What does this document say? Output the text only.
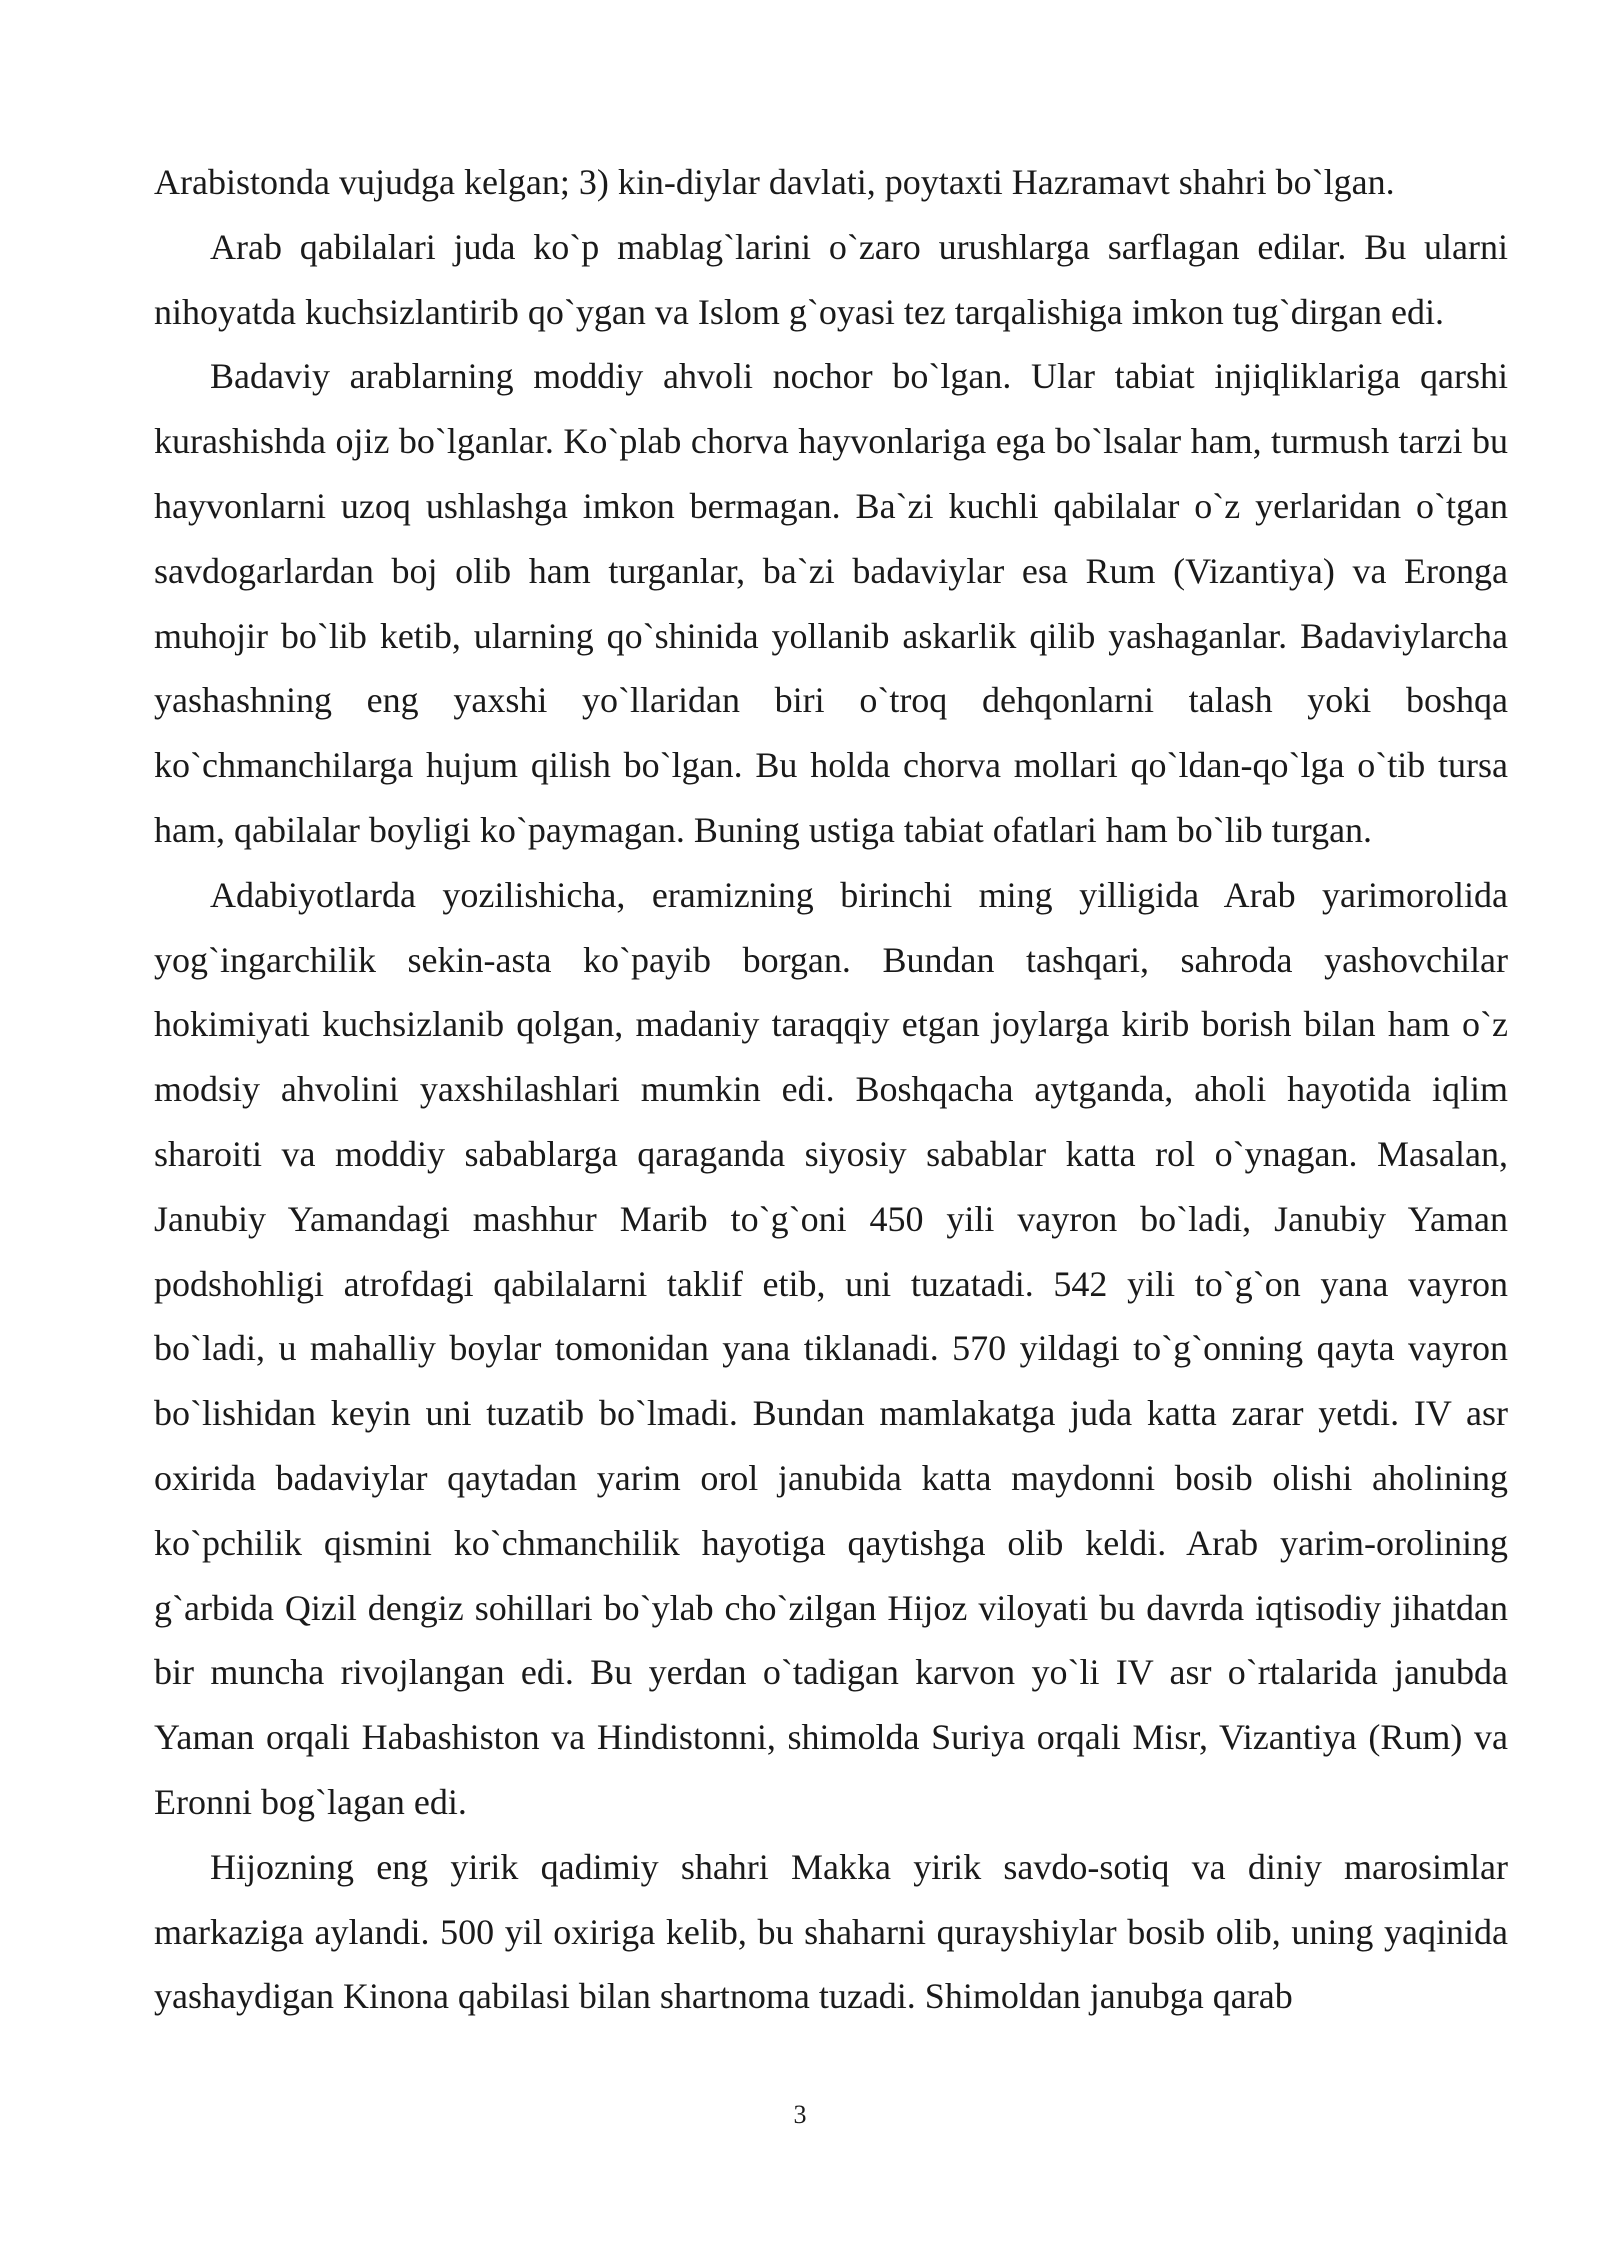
Arabistonda vujudga kelgan; 3) kin-diylar davlati, poytaxti Hazramavt shahri bo`lgan.

Arab qabilalari juda ko`p mablag`larini o`zaro urushlarga sarflagan edilar. Bu ularni nihoyatda kuchsizlantirib qo`ygan va Islom g`oyasi tez tarqalishiga imkon tug`dirgan edi.

Badaviy arablarning moddiy ahvoli nochor bo`lgan. Ular tabiat injiqliklariga qarshi kurashishda ojiz bo`lganlar. Ko`plab chorva hayvonlariga ega bo`lsalar ham, turmush tarzi bu hayvonlarni uzoq ushlashga imkon bermagan. Ba`zi kuchli qabilalar o`z yerlaridan o`tgan savdogarlardan boj olib ham turganlar, ba`zi badaviylar esa Rum (Vizantiya) va Eronga muhojir bo`lib ketib, ularning qo`shinida yollanib askarlik qilib yashaganlar. Badaviylarcha yashashning eng yaxshi yo`llaridan biri o`troq dehqonlarni talash yoki boshqa ko`chmanchilarga hujum qilish bo`lgan. Bu holda chorva mollari qo`ldan-qo`lga o`tib tursa ham, qabilalar boyligi ko`paymagan. Buning ustiga tabiat ofatlari ham bo`lib turgan.

Adabiyotlarda yozilishicha, eramizning birinchi ming yilligida Arab yarimorolida yog`ingarchilik sekin-asta ko`payib borgan. Bundan tashqari, sahroda yashovchilar hokimiyati kuchsizlanib qolgan, madaniy taraqqiy etgan joylarga kirib borish bilan ham o`z modsiy ahvolini yaxshilashlari mumkin edi. Boshqacha aytganda, aholi hayotida iqlim sharoiti va moddiy sabablarga qaraganda siyosiy sabablar katta rol o`ynagan. Masalan, Janubiy Yamandagi mashhur Marib to`g`oni 450 yili vayron bo`ladi, Janubiy Yaman podshohligi atrofdagi qabilalarni taklif etib, uni tuzatadi. 542 yili to`g`on yana vayron bo`ladi, u mahalliy boylar tomonidan yana tiklanadi. 570 yildagi to`g`onning qayta vayron bo`lishidan keyin uni tuzatib bo`lmadi. Bundan mamlakatga juda katta zarar yetdi. IV asr oxirida badaviylar qaytadan yarim orol janubida katta maydonni bosib olishi aholining ko`pchilik qismini ko`chmanchilik hayotiga qaytishga olib keldi. Arab yarim-orolining g`arbida Qizil dengiz sohillari bo`ylab cho`zilgan Hijoz viloyati bu davrda iqtisodiy jihatdan bir muncha rivojlangan edi. Bu yerdan o`tadigan karvon yo`li IV asr o`rtalarida janubda Yaman orqali Habashiston va Hindistonni, shimolda Suriya orqali Misr, Vizantiya (Rum) va Eronni bog`lagan edi.

Hijozning eng yirik qadimiy shahri Makka yirik savdo-sotiq va diniy marosimlar markaziga aylandi. 500 yil oxiriga kelib, bu shaharni qurayshiylar bosib olib, uning yaqinida yashaydigan Kinona qabilasi bilan shartnoma tuzadi. Shimoldan janubga qarab

3
